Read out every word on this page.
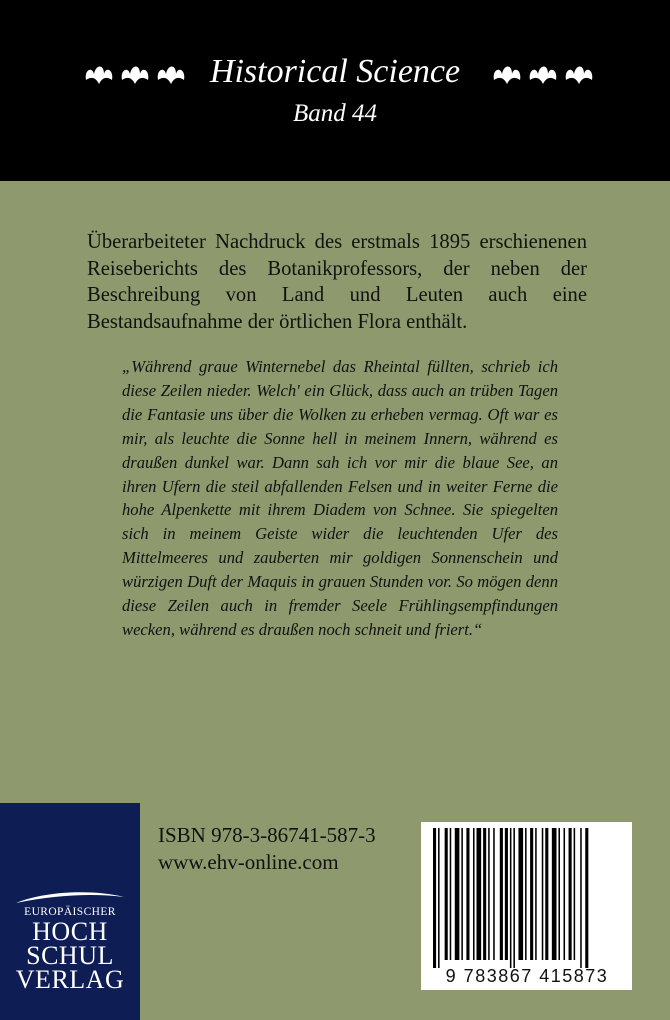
Historical Science
Band 44

Überarbeiteter Nachdruck des erstmals 1895 erschienenen Reiseberichts des Botanikprofessors, der neben der Beschreibung von Land und Leuten auch eine Bestandsaufnahme der örtlichen Flora enthält.

„Während graue Winternebel das Rheintal füllten, schrieb ich diese Zeilen nieder. Welch' ein Glück, dass auch an trüben Tagen die Fantasie uns über die Wolken zu erheben vermag. Oft war es mir, als leuchte die Sonne hell in meinem Innern, während es draußen dunkel war. Dann sah ich vor mir die blaue See, an ihren Ufern die steil abfallenden Felsen und in weiter Ferne die hohe Alpenkette mit ihrem Diadem von Schnee. Sie spiegelten sich in meinem Geiste wider die leuchtenden Ufer des Mittelmeeres und zauberten mir goldigen Sonnenschein und würzigen Duft der Maquis in grauen Stunden vor. So mögen denn diese Zeilen auch in fremder Seele Frühlingsempfindungen wecken, während es draußen noch schneit und friert.“

EUROPÄISCHER
HOCH
SCHUL
VERLAG
ISBN 978-3-86741-587-3
www.ehv-online.com
9 783867 415873
